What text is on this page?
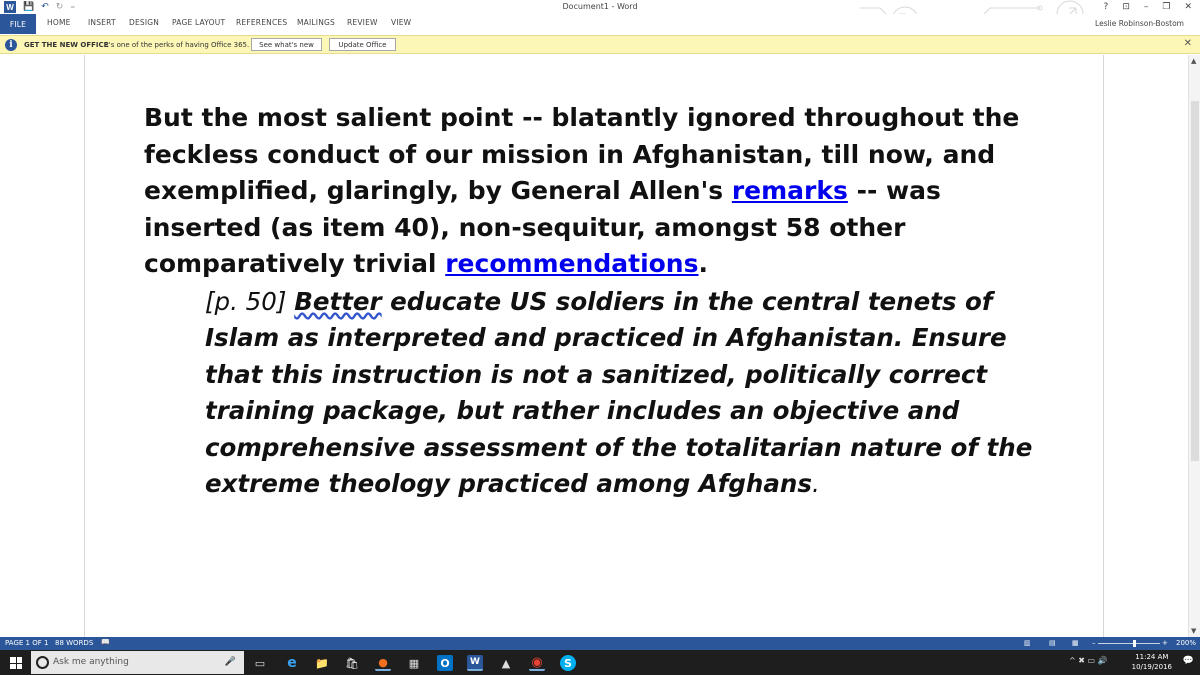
W 💾 ↶ ↻ ₌	Document1 - Word	? ⊡ – ❐ ✕
FILE	HOME INSERT DESIGN PAGE LAYOUT REFERENCES MAILINGS REVIEW VIEW	Leslie Robinson-Bostom
i	GET THE NEW OFFICE
It's one of the perks of having Office 365.	See what's new	Update Office	✕

But the most salient point -- blatantly ignored throughout the feckless conduct of our mission in Afghanistan, till now, and exemplified, glaringly, by General Allen's remarks -- was inserted (as item 40), non-sequitur, amongst 58 other comparatively trivial recommendations.

[p. 50] Better educate US soldiers in the central tenets of Islam as interpreted and practiced in Afghanistan. Ensure that this instruction is not a sanitized, politically correct training package, but rather includes an objective and comprehensive assessment of the totalitarian nature of the extreme theology practiced among Afghans.

▲
▼
PAGE 1 OF 1 88 WORDS 📖	▥	▤ ▦ –	+ 200%
Ask me anything	🎤 ▭ e 📁 🛍 ● ▦	O	W	▲ ◉	S	^ ✖ ▭ 🔊	11:24 AM
10/19/2016
💬
